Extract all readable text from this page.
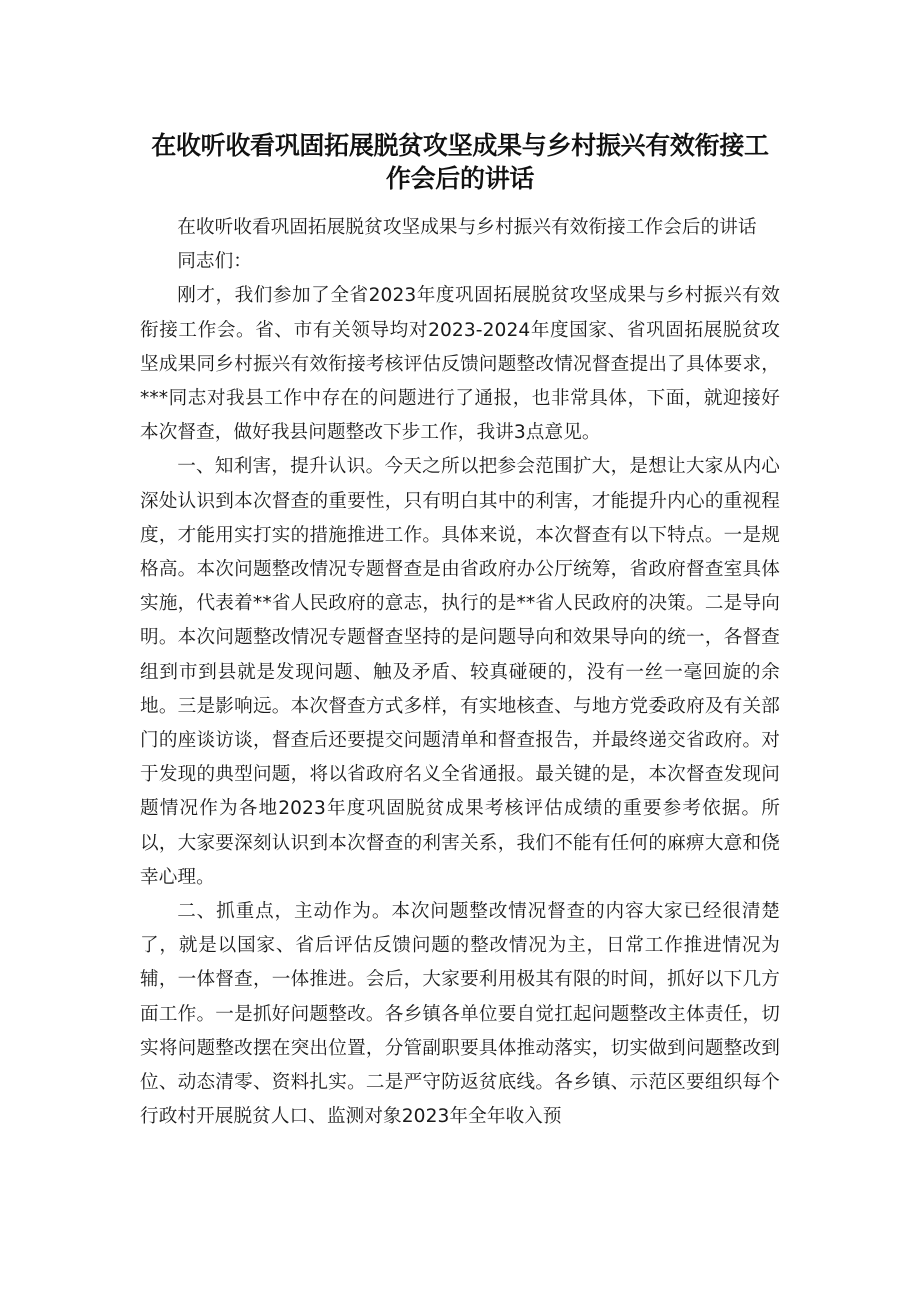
在收听收看巩固拓展脱贫攻坚成果与乡村振兴有效衔接工作会后的讲话

在收听收看巩固拓展脱贫攻坚成果与乡村振兴有效衔接工作会后的讲话

同志们：

刚才，我们参加了全省2023年度巩固拓展脱贫攻坚成果与乡村振兴有效衔接工作会。省、市有关领导均对2023-2024年度国家、省巩固拓展脱贫攻坚成果同乡村振兴有效衔接考核评估反馈问题整改情况督查提出了具体要求，***同志对我县工作中存在的问题进行了通报，也非常具体，下面，就迎接好本次督查，做好我县问题整改下步工作，我讲3点意见。

一、知利害，提升认识。今天之所以把参会范围扩大，是想让大家从内心深处认识到本次督查的重要性，只有明白其中的利害，才能提升内心的重视程度，才能用实打实的措施推进工作。具体来说，本次督查有以下特点。一是规格高。本次问题整改情况专题督查是由省政府办公厅统筹，省政府督查室具体实施，代表着**省人民政府的意志，执行的是**省人民政府的决策。二是导向明。本次问题整改情况专题督查坚持的是问题导向和效果导向的统一，各督查组到市到县就是发现问题、触及矛盾、较真碰硬的，没有一丝一毫回旋的余地。三是影响远。本次督查方式多样，有实地核查、与地方党委政府及有关部门的座谈访谈，督查后还要提交问题清单和督查报告，并最终递交省政府。对于发现的典型问题，将以省政府名义全省通报。最关键的是，本次督查发现问题情况作为各地2023年度巩固脱贫成果考核评估成绩的重要参考依据。所以，大家要深刻认识到本次督查的利害关系，我们不能有任何的麻痹大意和侥幸心理。

二、抓重点，主动作为。本次问题整改情况督查的内容大家已经很清楚了，就是以国家、省后评估反馈问题的整改情况为主，日常工作推进情况为辅，一体督查，一体推进。会后，大家要利用极其有限的时间，抓好以下几方面工作。一是抓好问题整改。各乡镇各单位要自觉扛起问题整改主体责任，切实将问题整改摆在突出位置，分管副职要具体推动落实，切实做到问题整改到位、动态清零、资料扎实。二是严守防返贫底线。各乡镇、示范区要组织每个行政村开展脱贫人口、监测对象2023年全年收入预
